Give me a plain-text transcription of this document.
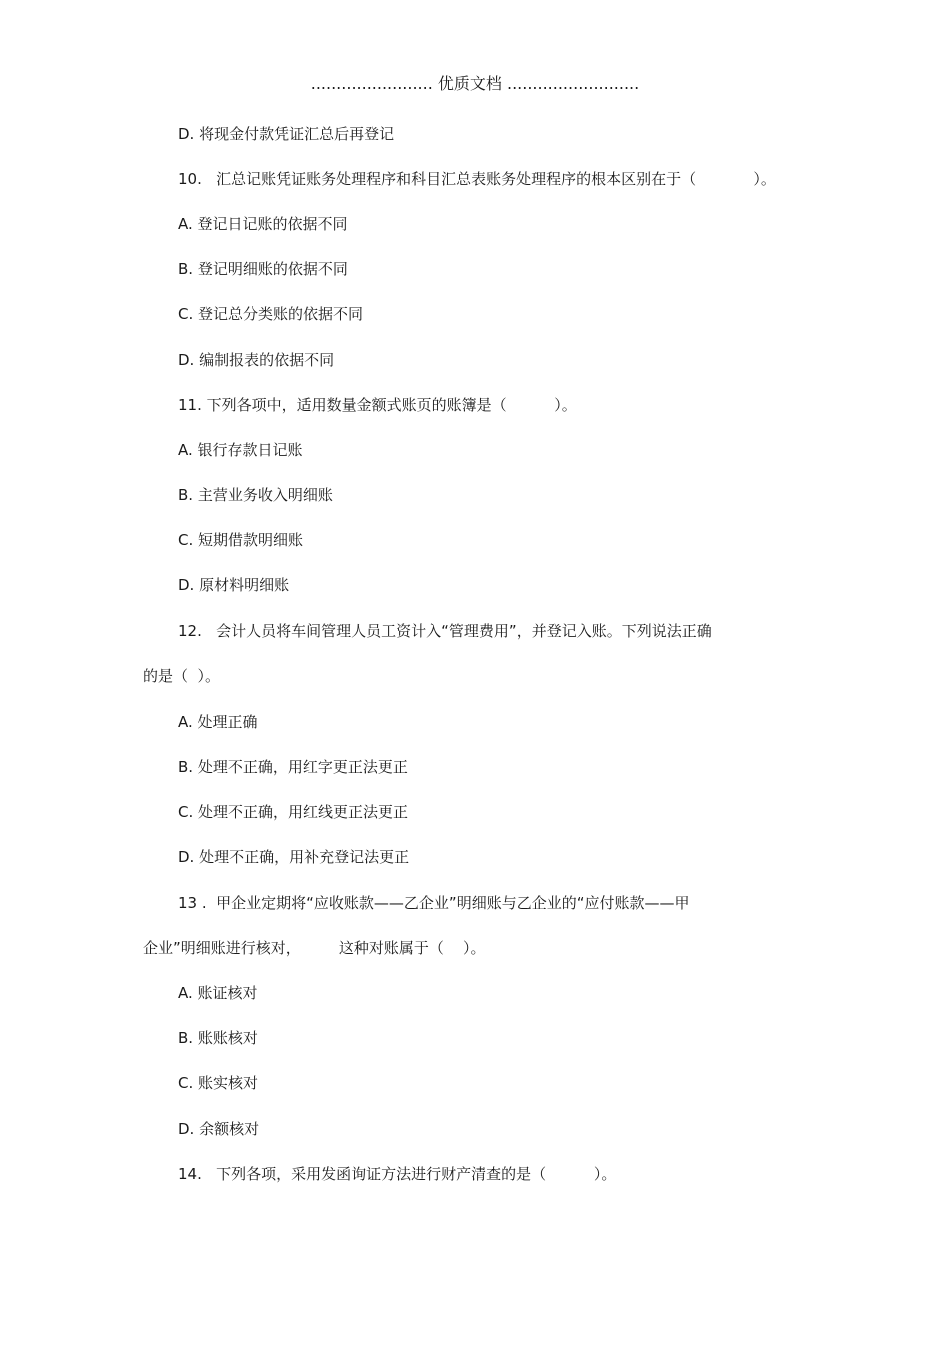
........................ 优质文档 ..........................
D. 将现金付款凭证汇总后再登记
10.   汇总记账凭证账务处理程序和科目汇总表账务处理程序的根本区别在于（            ）。
A. 登记日记账的依据不同
B. 登记明细账的依据不同
C. 登记总分类账的依据不同
D. 编制报表的依据不同
11. 下列各项中，适用数量金额式账页的账簿是（          ）。
A. 银行存款日记账
B. 主营业务收入明细账
C. 短期借款明细账
D. 原材料明细账
12.   会计人员将车间管理人员工资计入“管理费用”，并登记入账。下列说法正确
的是（  ）。
A. 处理正确
B. 处理不正确，用红字更正法更正
C. 处理不正确，用红线更正法更正
D. 处理不正确，用补充登记法更正
13 .  甲企业定期将“应收账款——乙企业”明细账与乙企业的“应付账款——甲
企业”明细账进行核对，        这种对账属于（    ）。
A. 账证核对
B. 账账核对
C. 账实核对
D. 余额核对
14.   下列各项，采用发函询证方法进行财产清查的是（          ）。
